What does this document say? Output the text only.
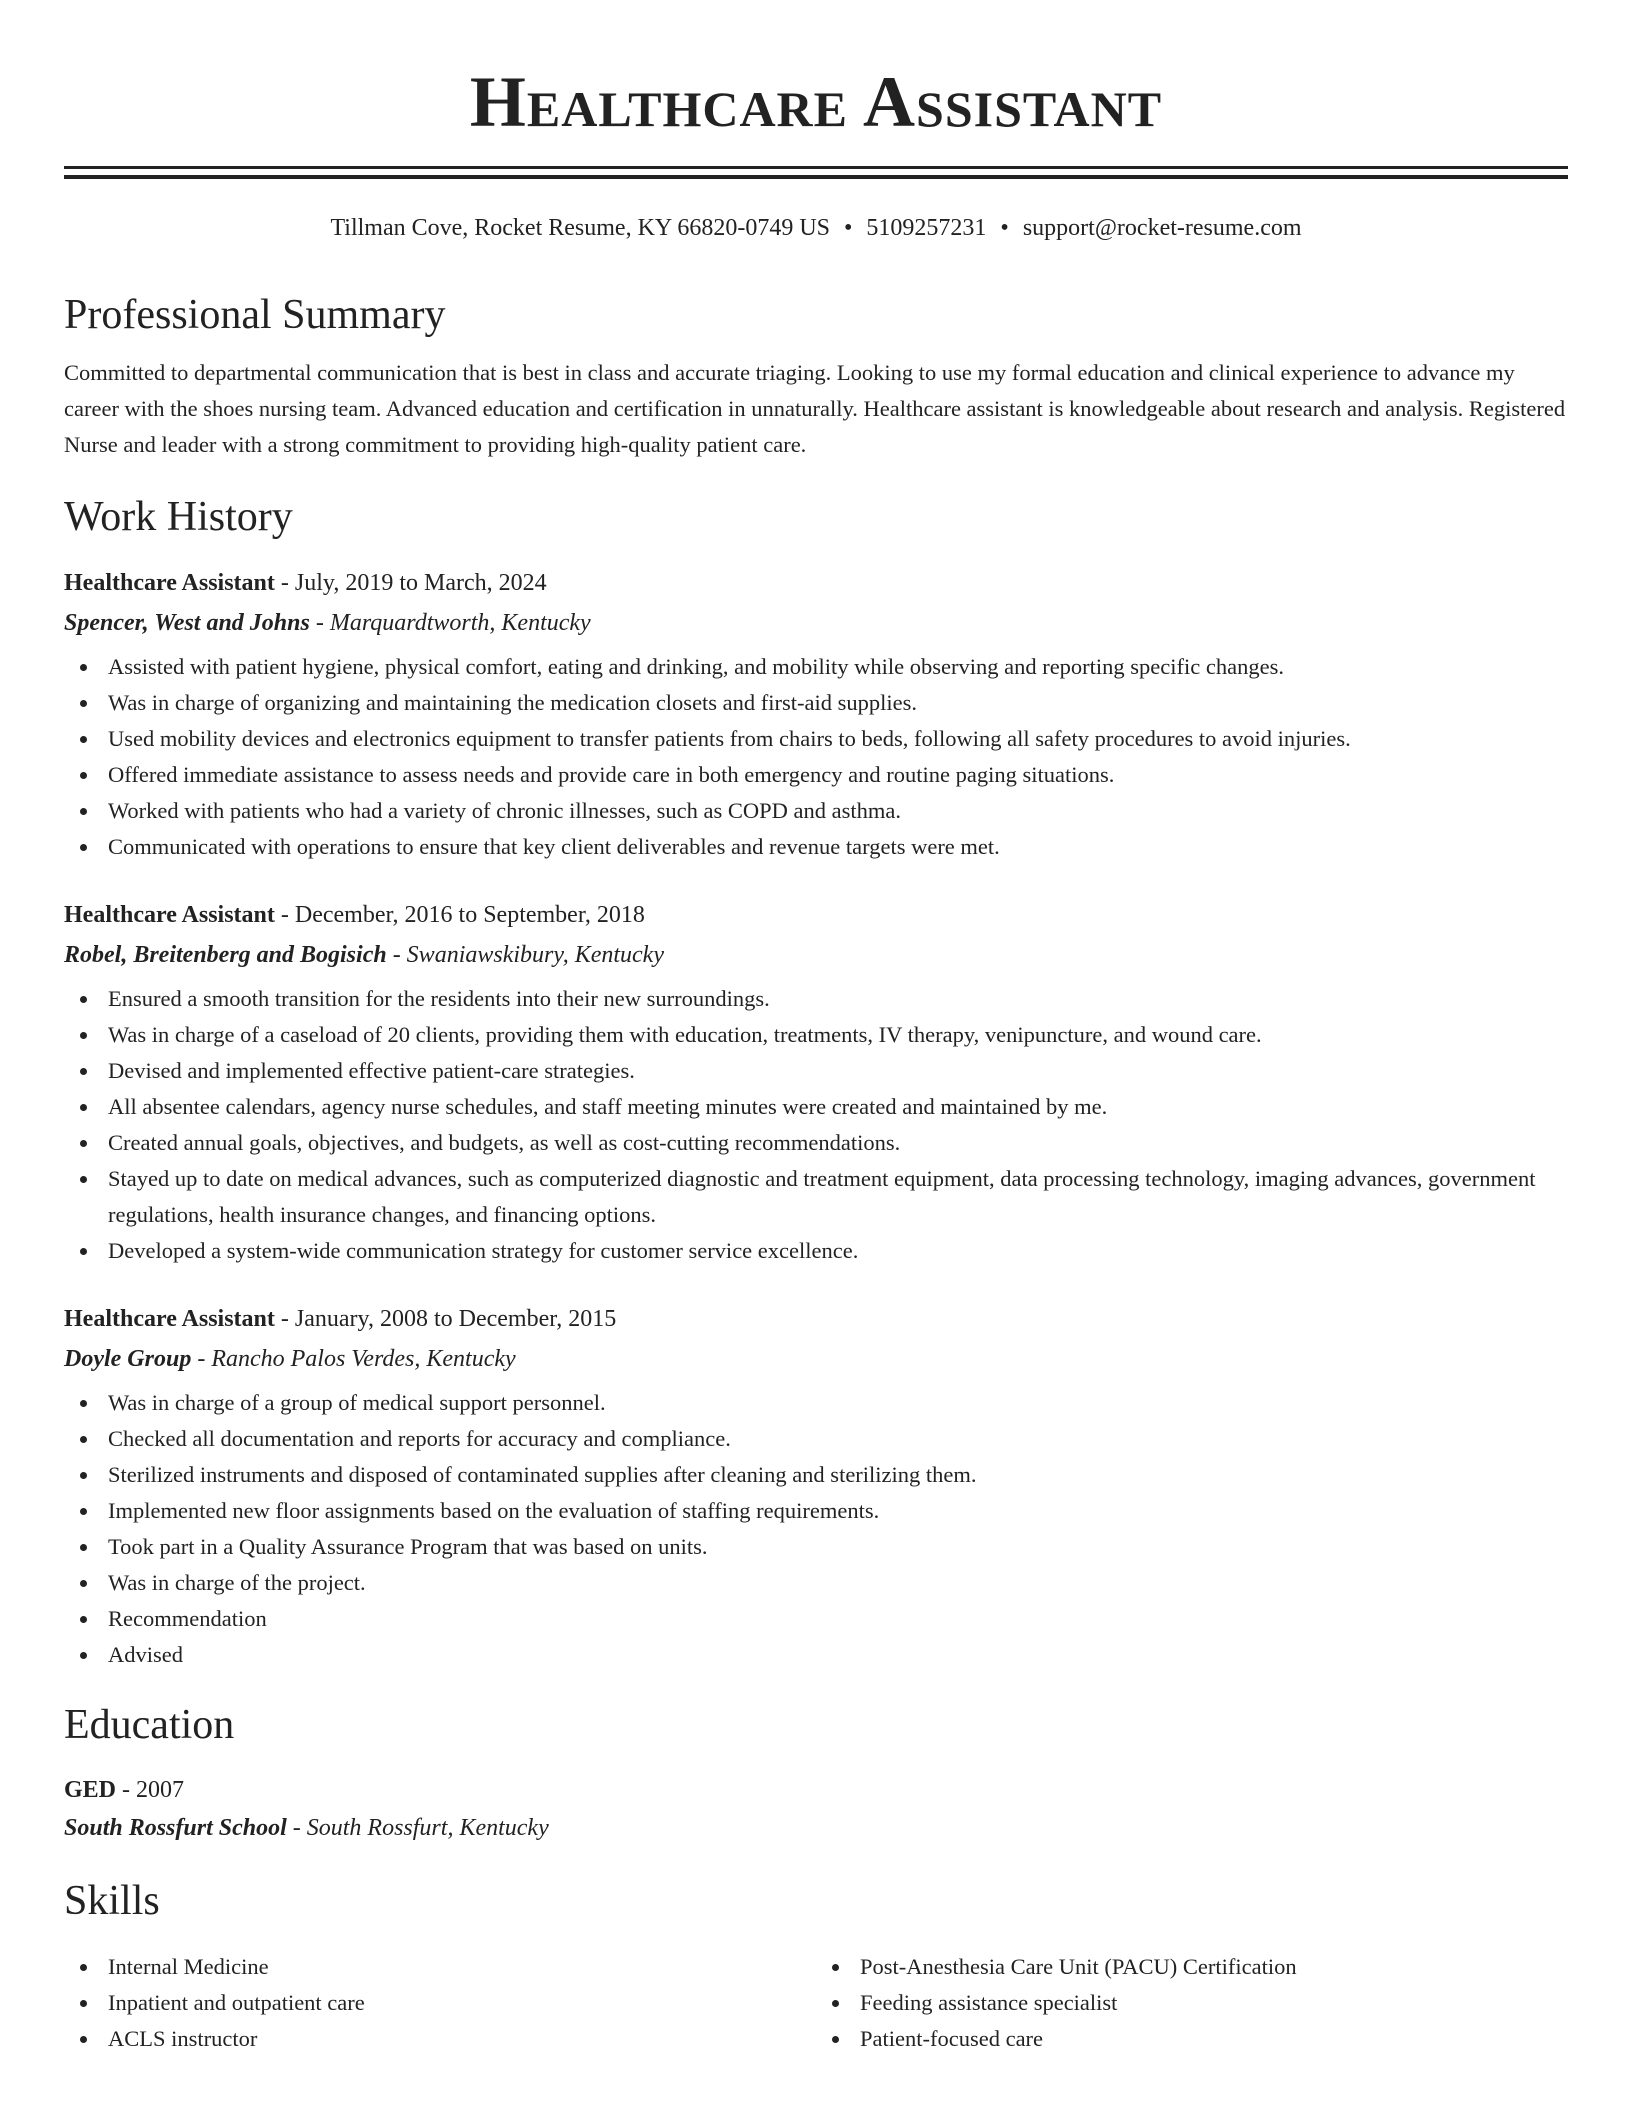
Healthcare Assistant
Tillman Cove, Rocket Resume, KY 66820-0749 US • 5109257231 • support@rocket-resume.com
Professional Summary

Committed to departmental communication that is best in class and accurate triaging. Looking to use my formal education and clinical experience to advance my career with the shoes nursing team. Advanced education and certification in unnaturally. Healthcare assistant is knowledgeable about research and analysis. Registered Nurse and leader with a strong commitment to providing high-quality patient care.

Work History
Healthcare Assistant - July, 2019 to March, 2024
Spencer, West and Johns - Marquardtworth, Kentucky
Assisted with patient hygiene, physical comfort, eating and drinking, and mobility while observing and reporting specific changes.
Was in charge of organizing and maintaining the medication closets and first-aid supplies.
Used mobility devices and electronics equipment to transfer patients from chairs to beds, following all safety procedures to avoid injuries.
Offered immediate assistance to assess needs and provide care in both emergency and routine paging situations.
Worked with patients who had a variety of chronic illnesses, such as COPD and asthma.
Communicated with operations to ensure that key client deliverables and revenue targets were met.
Healthcare Assistant - December, 2016 to September, 2018
Robel, Breitenberg and Bogisich - Swaniawskibury, Kentucky
Ensured a smooth transition for the residents into their new surroundings.
Was in charge of a caseload of 20 clients, providing them with education, treatments, IV therapy, venipuncture, and wound care.
Devised and implemented effective patient-care strategies.
All absentee calendars, agency nurse schedules, and staff meeting minutes were created and maintained by me.
Created annual goals, objectives, and budgets, as well as cost-cutting recommendations.
Stayed up to date on medical advances, such as computerized diagnostic and treatment equipment, data processing technology, imaging advances, government regulations, health insurance changes, and financing options.
Developed a system-wide communication strategy for customer service excellence.
Healthcare Assistant - January, 2008 to December, 2015
Doyle Group - Rancho Palos Verdes, Kentucky
Was in charge of a group of medical support personnel.
Checked all documentation and reports for accuracy and compliance.
Sterilized instruments and disposed of contaminated supplies after cleaning and sterilizing them.
Implemented new floor assignments based on the evaluation of staffing requirements.
Took part in a Quality Assurance Program that was based on units.
Was in charge of the project.
Recommendation
Advised
Education
GED - 2007
South Rossfurt School - South Rossfurt, Kentucky
Skills
Internal Medicine
Inpatient and outpatient care
ACLS instructor
Post-Anesthesia Care Unit (PACU) Certification
Feeding assistance specialist
Patient-focused care
